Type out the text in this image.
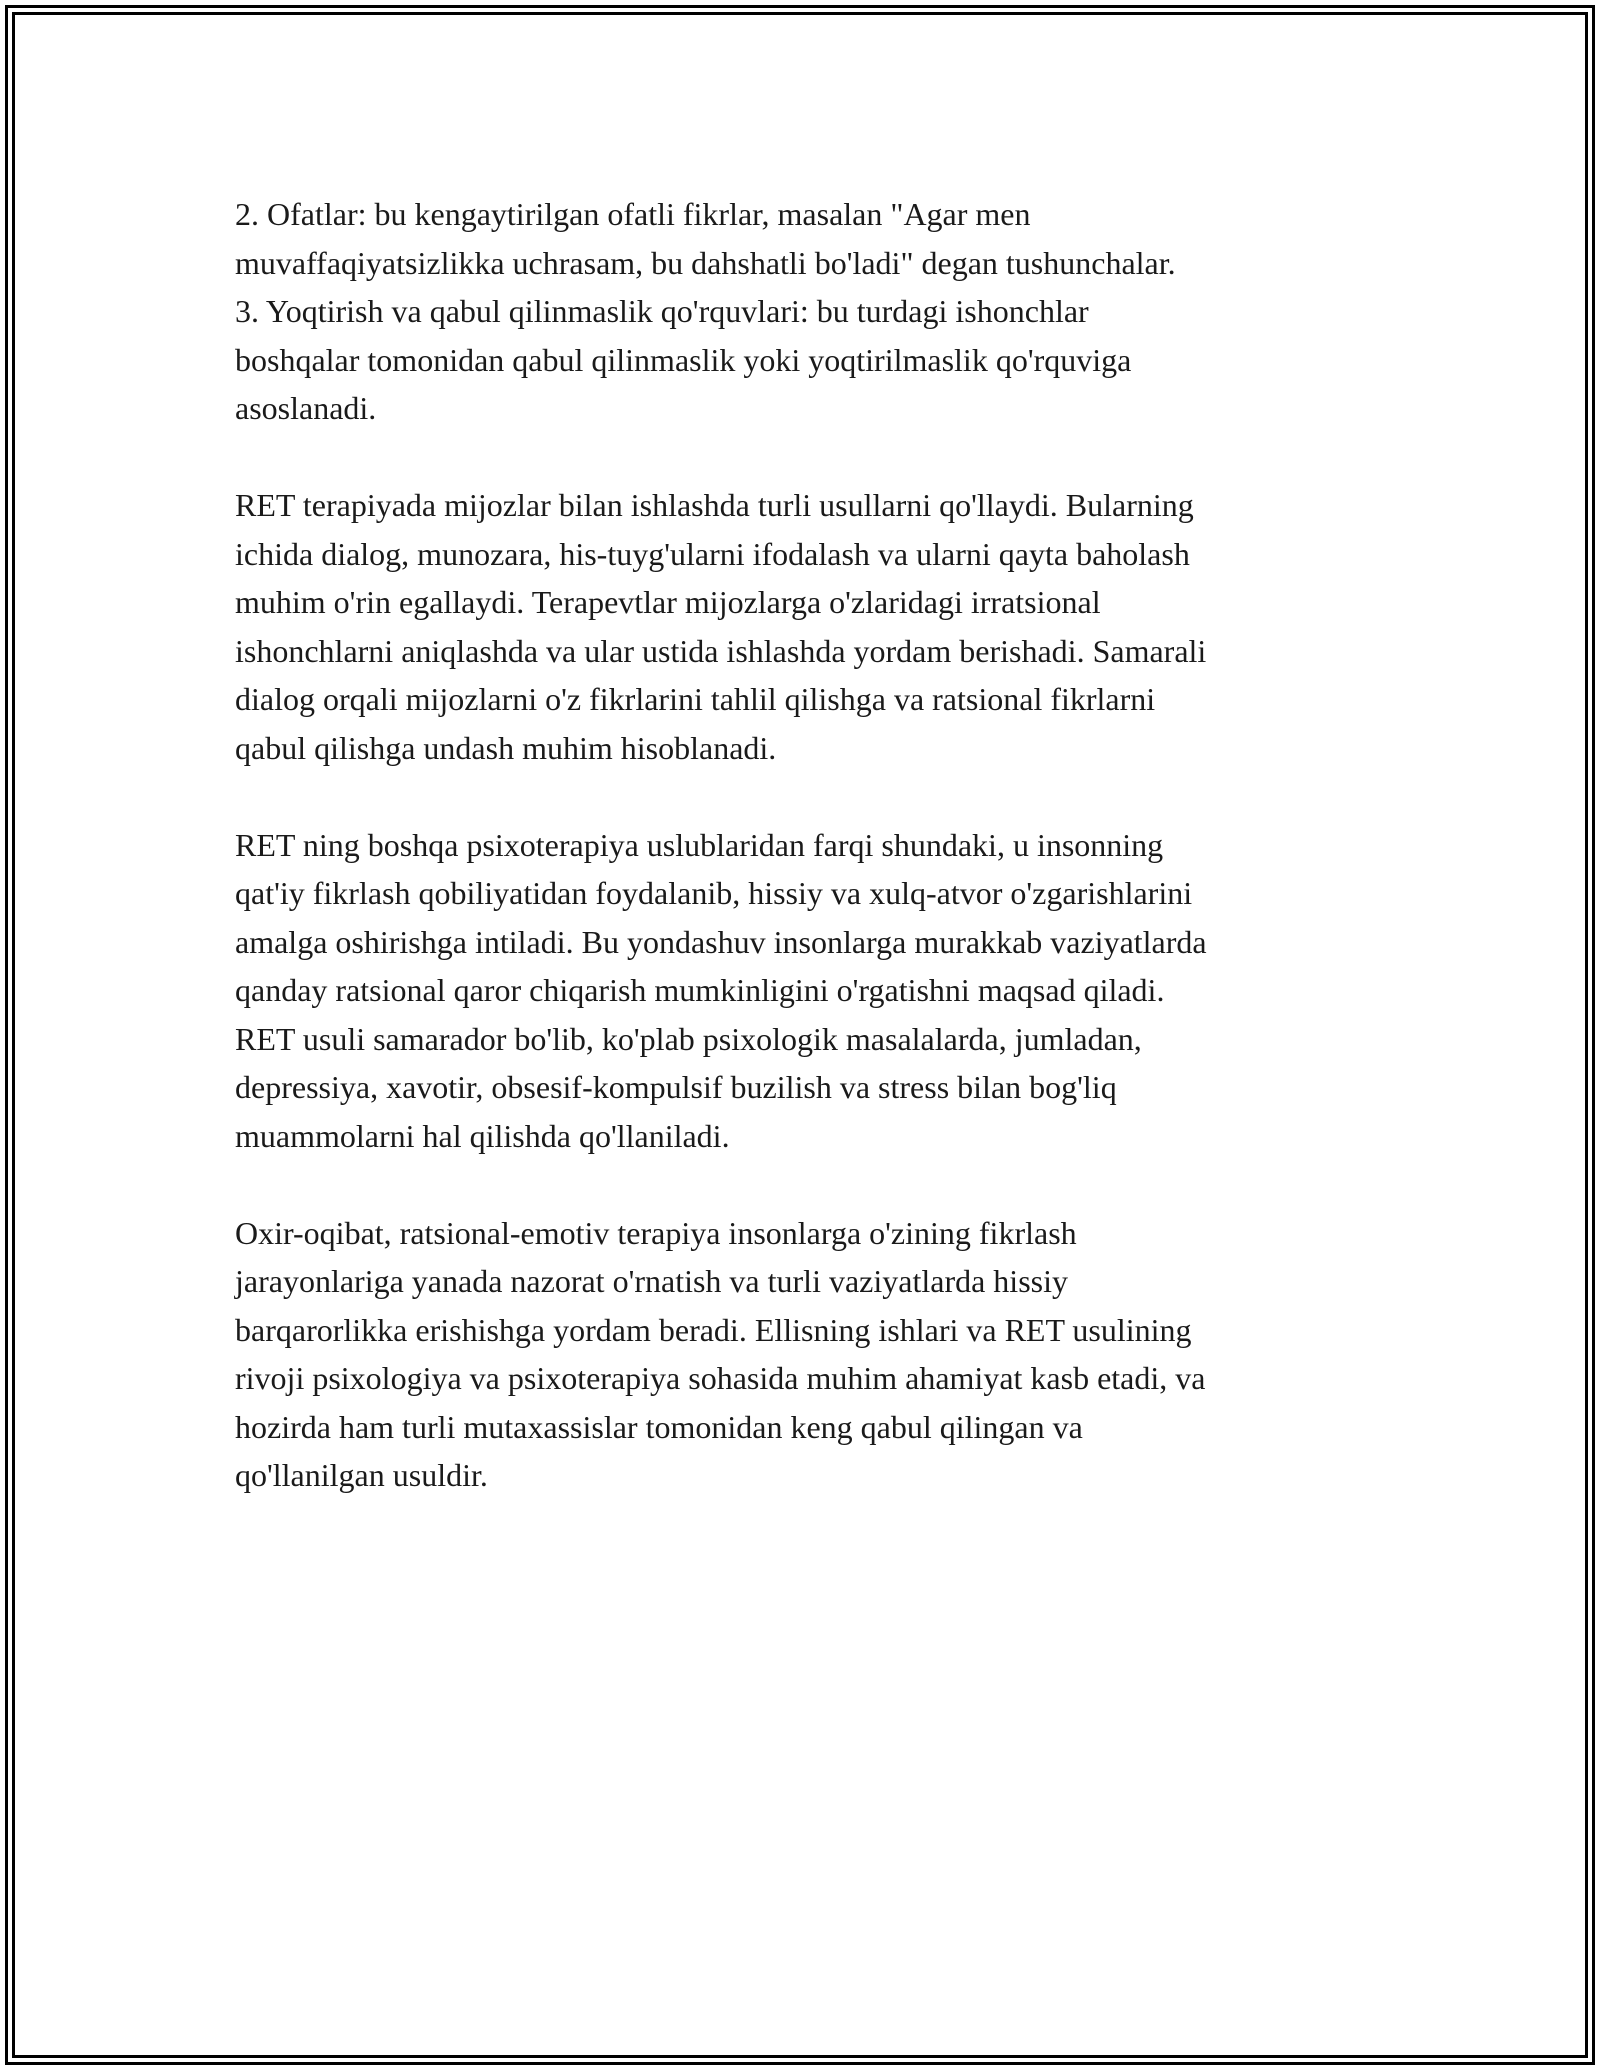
2. Ofatlar: bu kengaytirilgan ofatli fikrlar, masalan "Agar men
muvaffaqiyatsizlikka uchrasam, bu dahshatli bo'ladi" degan tushunchalar.
3. Yoqtirish va qabul qilinmaslik qo'rquvlari: bu turdagi ishonchlar
boshqalar tomonidan qabul qilinmaslik yoki yoqtirilmaslik qo'rquviga
asoslanadi.
RET terapiyada mijozlar bilan ishlashda turli usullarni qo'llaydi. Bularning
ichida dialog, munozara, his-tuyg'ularni ifodalash va ularni qayta baholash
muhim o'rin egallaydi. Terapevtlar mijozlarga o'zlaridagi irratsional
ishonchlarni aniqlashda va ular ustida ishlashda yordam berishadi. Samarali
dialog orqali mijozlarni o'z fikrlarini tahlil qilishga va ratsional fikrlarni
qabul qilishga undash muhim hisoblanadi.
RET ning boshqa psixoterapiya uslublaridan farqi shundaki, u insonning
qat'iy fikrlash qobiliyatidan foydalanib, hissiy va xulq-atvor o'zgarishlarini
amalga oshirishga intiladi. Bu yondashuv insonlarga murakkab vaziyatlarda
qanday ratsional qaror chiqarish mumkinligini o'rgatishni maqsad qiladi.
RET usuli samarador bo'lib, ko'plab psixologik masalalarda, jumladan,
depressiya, xavotir, obsesif-kompulsif buzilish va stress bilan bog'liq
muammolarni hal qilishda qo'llaniladi.
Oxir-oqibat, ratsional-emotiv terapiya insonlarga o'zining fikrlash
jarayonlariga yanada nazorat o'rnatish va turli vaziyatlarda hissiy
barqarorlikka erishishga yordam beradi. Ellisning ishlari va RET usulining
rivoji psixologiya va psixoterapiya sohasida muhim ahamiyat kasb etadi, va
hozirda ham turli mutaxassislar tomonidan keng qabul qilingan va
qo'llanilgan usuldir.
